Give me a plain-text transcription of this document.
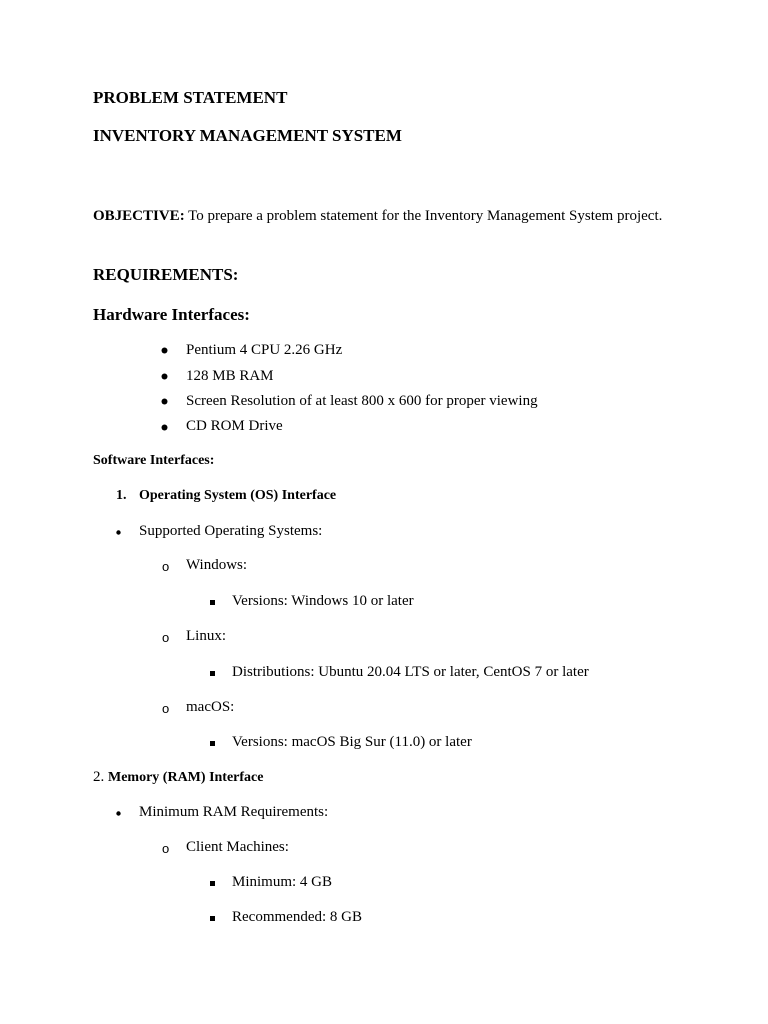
PROBLEM STATEMENT
INVENTORY MANAGEMENT SYSTEM
OBJECTIVE: To prepare a problem statement for the Inventory Management System project.
REQUIREMENTS:
Hardware Interfaces:
Pentium 4 CPU 2.26 GHz
128 MB RAM
Screen Resolution of at least 800 x 600 for proper viewing
CD ROM Drive
Software Interfaces:
1. Operating System (OS) Interface
Supported Operating Systems:
o Windows:
Versions: Windows 10 or later
o Linux:
Distributions: Ubuntu 20.04 LTS or later, CentOS 7 or later
o macOS:
Versions: macOS Big Sur (11.0) or later
2. Memory (RAM) Interface
Minimum RAM Requirements:
o Client Machines:
Minimum: 4 GB
Recommended: 8 GB
